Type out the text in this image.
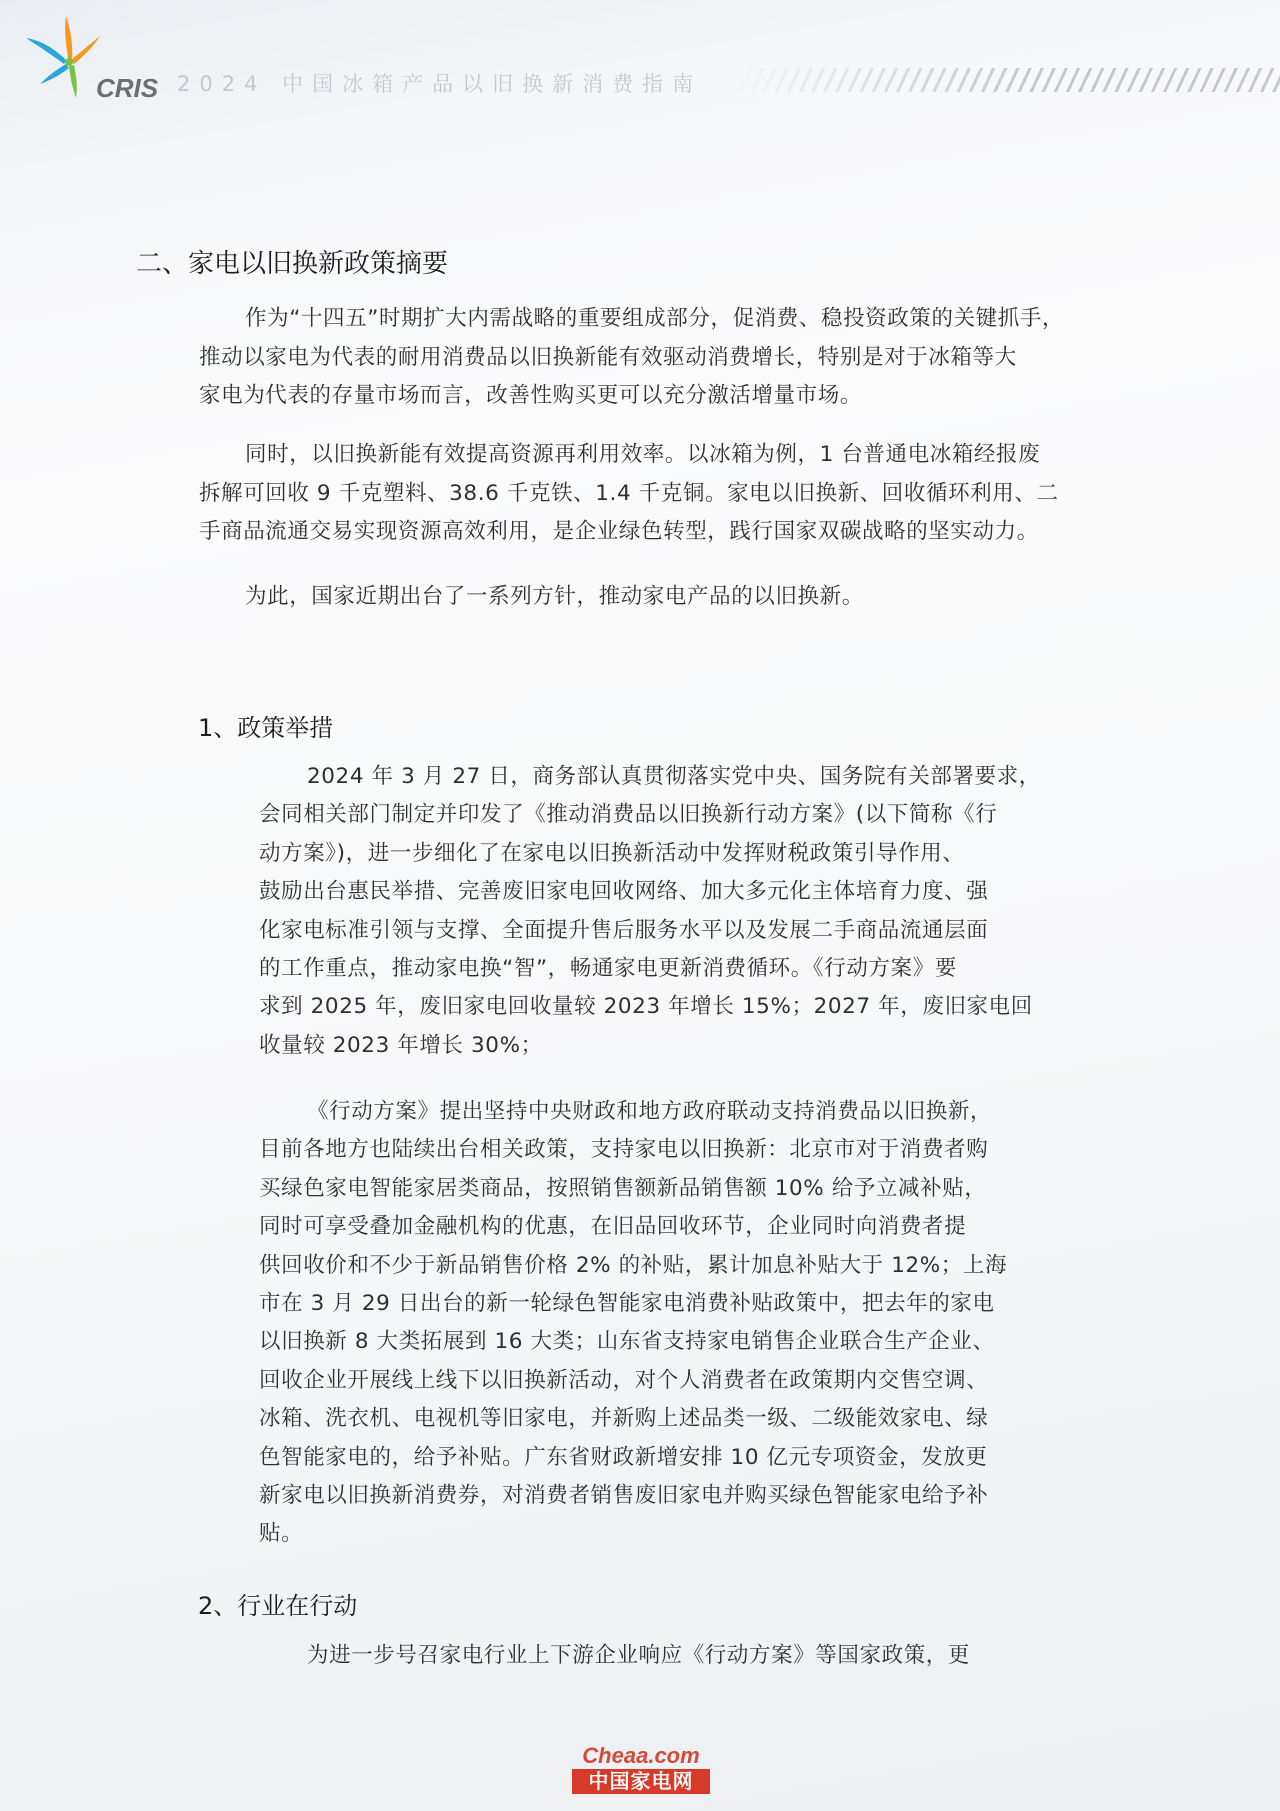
CRIS 2024 中国冰箱产品以旧换新消费指南
二、家电以旧换新政策摘要
作为“十四五”时期扩大内需战略的重要组成部分，促消费、稳投资政策的关键抓手，
推动以家电为代表的耐用消费品以旧换新能有效驱动消费增长，特别是对于冰箱等大
家电为代表的存量市场而言，改善性购买更可以充分激活增量市场。
同时，以旧换新能有效提高资源再利用效率。以冰箱为例，1 台普通电冰箱经报废
拆解可回收 9 千克塑料、38.6 千克铁、1.4 千克铜。家电以旧换新、回收循环利用、二
手商品流通交易实现资源高效利用，是企业绿色转型，践行国家双碳战略的坚实动力。
为此，国家近期出台了一系列方针，推动家电产品的以旧换新。
1、政策举措
2024 年 3 月 27 日，商务部认真贯彻落实党中央、国务院有关部署要求，
会同相关部门制定并印发了《推动消费品以旧换新行动方案》(以下简称《行
动方案》)，进一步细化了在家电以旧换新活动中发挥财税政策引导作用、
鼓励出台惠民举措、完善废旧家电回收网络、加大多元化主体培育力度、强
化家电标准引领与支撑、全面提升售后服务水平以及发展二手商品流通层面
的工作重点，推动家电换“智”，畅通家电更新消费循环。《行动方案》要
求到 2025 年，废旧家电回收量较 2023 年增长 15%；2027 年，废旧家电回
收量较 2023 年增长 30%；
《行动方案》提出坚持中央财政和地方政府联动支持消费品以旧换新，
目前各地方也陆续出台相关政策，支持家电以旧换新：北京市对于消费者购
买绿色家电智能家居类商品，按照销售额新品销售额 10% 给予立减补贴，
同时可享受叠加金融机构的优惠，在旧品回收环节，企业同时向消费者提
供回收价和不少于新品销售价格 2% 的补贴，累计加息补贴大于 12%；上海
市在 3 月 29 日出台的新一轮绿色智能家电消费补贴政策中，把去年的家电
以旧换新 8 大类拓展到 16 大类；山东省支持家电销售企业联合生产企业、
回收企业开展线上线下以旧换新活动，对个人消费者在政策期内交售空调、
冰箱、洗衣机、电视机等旧家电，并新购上述品类一级、二级能效家电、绿
色智能家电的，给予补贴。广东省财政新增安排 10 亿元专项资金，发放更
新家电以旧换新消费券，对消费者销售废旧家电并购买绿色智能家电给予补
贴。
2、行业在行动
为进一步号召家电行业上下游企业响应《行动方案》等国家政策，更
Cheaa.com
中国家电网
